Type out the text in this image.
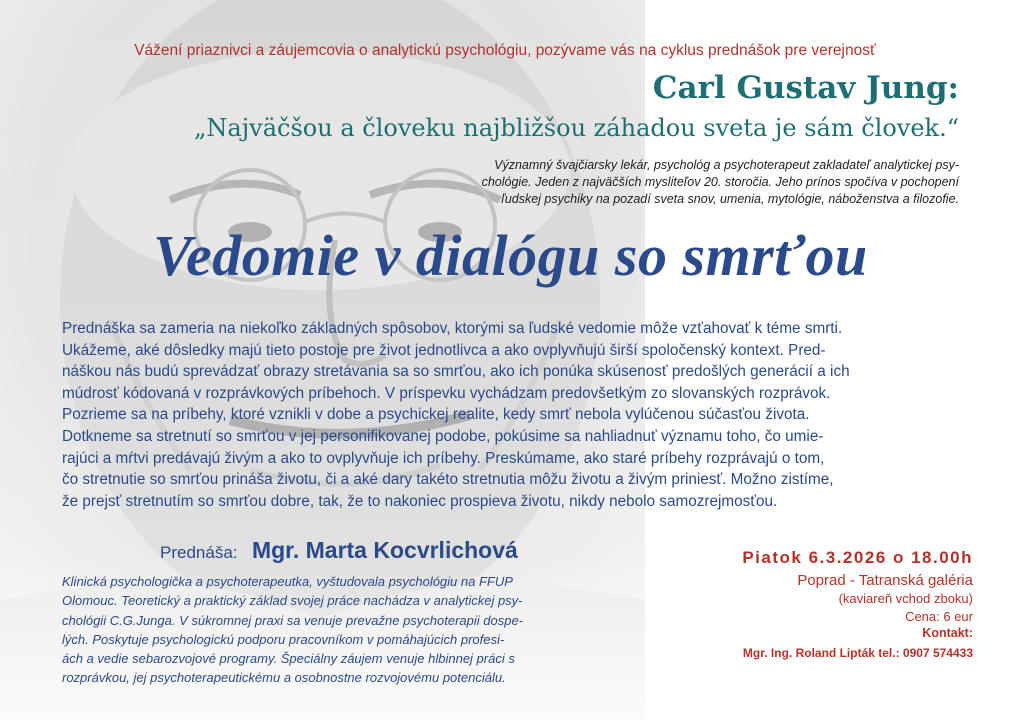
Vážení priaznivci a záujemcovia o analytickú psychológiu, pozývame vás na cyklus prednášok pre verejnosť

Carl Gustav Jung:
„Najväčšou a človeku najbližšou záhadou sveta je sám človek.“
Významný švajčiarsky lekár, psychológ a psychoterapeut zakladateľ analytickej psy-
chológie. Jeden z najväčších mysliteľov 20. storočia. Jeho prínos spočíva v pochopení
ľudskej psychiky na pozadí sveta snov, umenia, mytológie, náboženstva a filozofie.
Vedomie v dialógu so smrťou
Prednáška sa zameria na niekoľko základných spôsobov, ktorými sa ľudské vedomie môže vzťahovať k téme smrti.
Ukážeme, aké dôsledky majú tieto postoje pre život jednotlivca a ako ovplyvňujú širší spoločenský kontext. Pred-
náškou nás budú sprevádzať obrazy stretávania sa so smrťou, ako ich ponúka skúsenosť predošlých generácií a ich
múdrosť kódovaná v rozprávkových príbehoch. V príspevku vychádzam predovšetkým zo slovanských rozprávok.
Pozrieme sa na príbehy, ktoré vznikli v dobe a psychickej realite, kedy smrť nebola vylúčenou súčasťou života.
Dotkneme sa stretnutí so smrťou v jej personifikovanej podobe, pokúsime sa nahliadnuť významu toho, čo umie-
rajúci a mŕtvi predávajú živým a ako to ovplyvňuje ich príbehy. Preskúmame, ako staré príbehy rozprávajú o tom,
čo stretnutie so smrťou prináša životu, či a aké dary takéto stretnutia môžu životu a živým priniesť. Možno zistíme,
že prejsť stretnutím so smrťou dobre, tak, že to nakoniec prospieva životu, nikdy nebolo samozrejmosťou.
Prednáša: Mgr. Marta Kocvrlichová
Klinická psychologička a psychoterapeutka, vyštudovala psychológiu na FFUP
Olomouc. Teoretický a praktický základ svojej práce nachádza v analytickej psy-
chológii C.G.Junga. V súkromnej praxi sa venuje prevažne psychoterapii dospe-
lých. Poskytuje psychologickú podporu pracovníkom v pomáhajúcich profesi-
ách a vedie sebarozvojové programy. Špeciálny záujem venuje hlbinnej práci s
rozprávkou, jej psychoterapeutickému a osobnostne rozvojovému potenciálu.
Piatok 6.3.2026 o 18.00h
Poprad - Tatranská galéria
(kaviareň vchod zboku)
Cena: 6 eur
Kontakt:
Mgr. Ing. Roland Lipták tel.: 0907 574433
